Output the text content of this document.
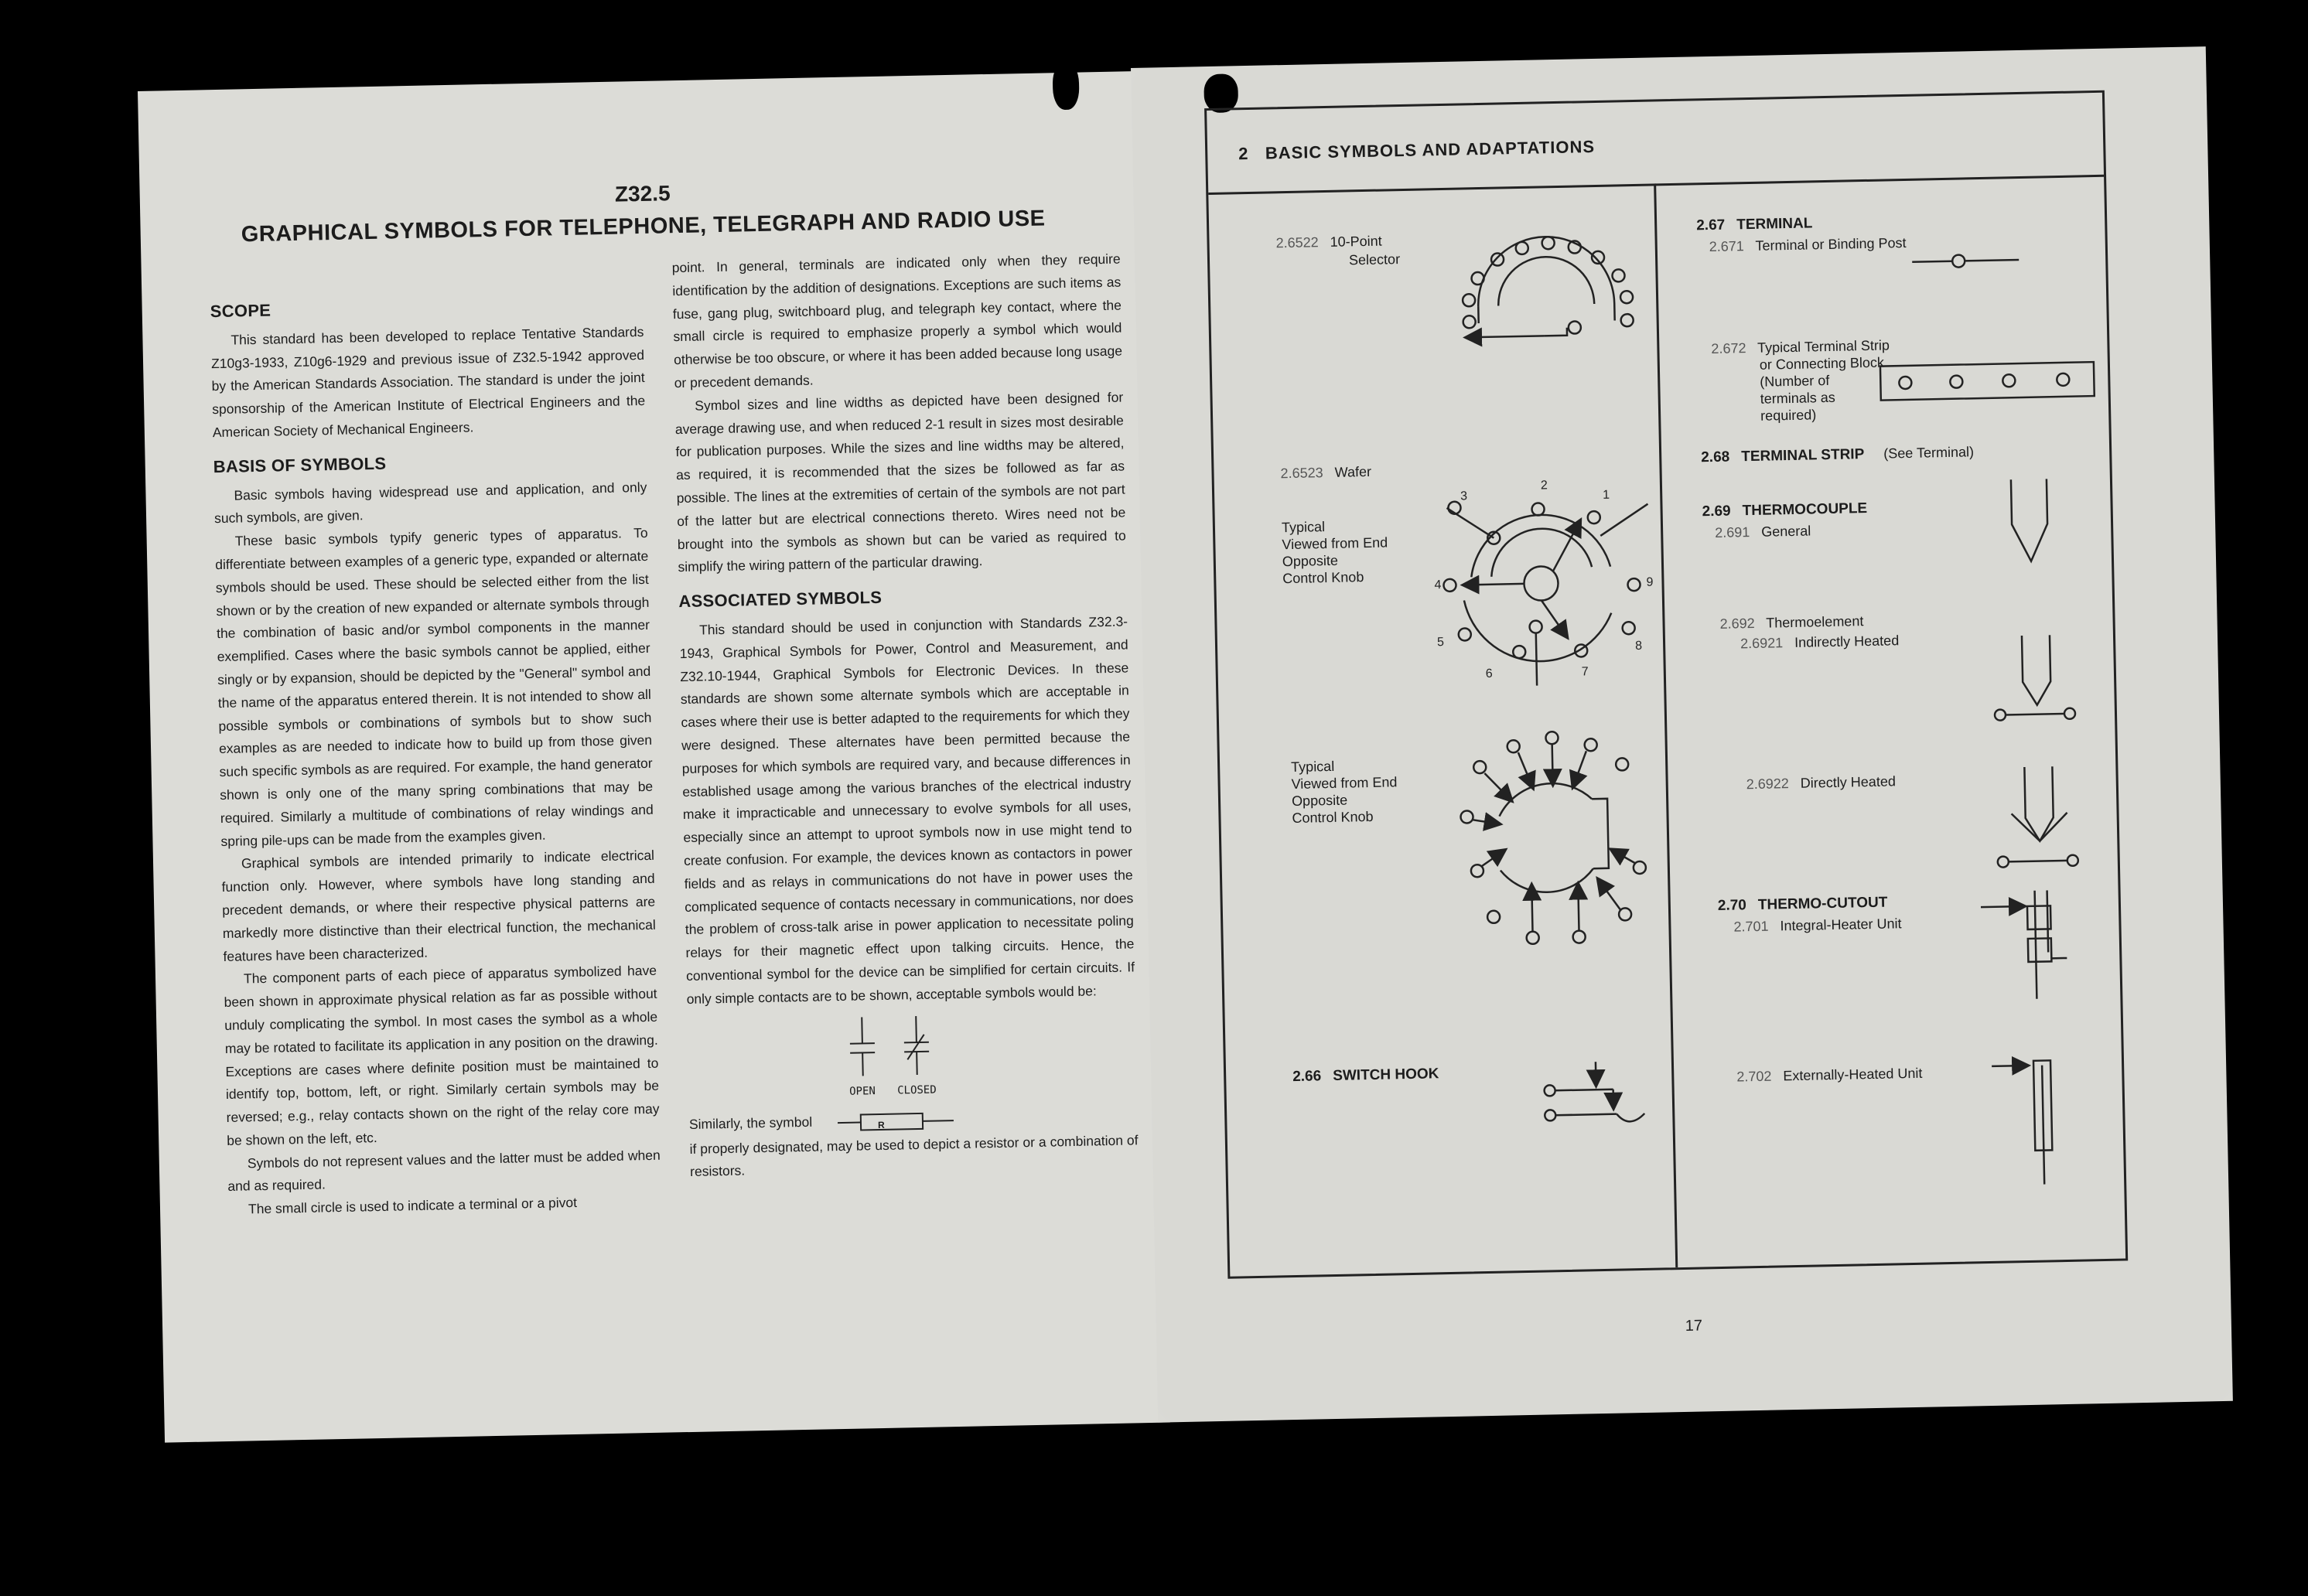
Z32.5
GRAPHICAL SYMBOLS FOR TELEPHONE, TELEGRAPH AND RADIO USE
SCOPE

This standard has been developed to replace Tentative Standards Z10g3-1933, Z10g6-1929 and previous issue of Z32.5-1942 approved by the American Standards Association. The standard is under the joint sponsorship of the American Institute of Electrical Engineers and the American Society of Mechanical Engineers.

BASIS OF SYMBOLS

Basic symbols having widespread use and application, and only such symbols, are given.

These basic symbols typify generic types of apparatus. To differentiate between examples of a generic type, expanded or alternate symbols should be used. These should be selected either from the list shown or by the creation of new expanded or alternate symbols through the combination of basic and/or symbol components in the manner exemplified. Cases where the basic symbols cannot be applied, either singly or by expansion, should be depicted by the "General" symbol and the name of the apparatus entered therein. It is not intended to show all possible symbols or combinations of symbols but to show such examples as are needed to indicate how to build up from those given such specific symbols as are required. For example, the hand generator shown is only one of the many spring combinations that may be required. Similarly a multitude of combinations of relay windings and spring pile-ups can be made from the examples given.

Graphical symbols are intended primarily to indicate electrical function only. However, where symbols have long standing and precedent demands, or where their respective physical patterns are markedly more distinctive than their electrical function, the mechanical features have been characterized.

The component parts of each piece of apparatus symbolized have been shown in approximate physical relation as far as possible without unduly complicating the symbol. In most cases the symbol as a whole may be rotated to facilitate its application in any position on the drawing. Exceptions are cases where definite position must be maintained to identify top, bottom, left, or right. Similarly certain symbols may be reversed; e.g., relay contacts shown on the right of the relay core may be shown on the left, etc.

Symbols do not represent values and the latter must be added when and as required.

The small circle is used to indicate a terminal or a pivot

point. In general, terminals are indicated only when they require identification by the addition of designations. Exceptions are such items as fuse, gang plug, switchboard plug, and telegraph key contact, where the small circle is required to emphasize properly a symbol which would otherwise be too obscure, or where it has been added because long usage or precedent demands.

Symbol sizes and line widths as depicted have been designed for average drawing use, and when reduced 2-1 result in sizes most desirable for publication purposes. While the sizes and line widths may be altered, as required, it is recommended that the sizes be followed as far as possible. The lines at the extremities of certain of the symbols are not part of the latter but are electrical connections thereto. Wires need not be brought into the symbols as shown but can be varied as required to simplify the wiring pattern of the particular drawing.

ASSOCIATED SYMBOLS

This standard should be used in conjunction with Standards Z32.3-1943, Graphical Symbols for Power, Control and Measurement, and Z32.10-1944, Graphical Symbols for Electronic Devices. In these standards are shown some alternate symbols which are acceptable in cases where their use is better adapted to the requirements for which they were designed. These alternates have been permitted because the purposes for which symbols are required vary, and because differences in established usage among the various branches of the electrical industry make it impracticable and unnecessary to evolve symbols for all uses, especially since an attempt to uproot symbols now in use might tend to create confusion. For example, the devices known as contactors in power fields and as relays in communications do not have in power uses the complicated sequence of contacts necessary in communications, nor does the problem of cross-talk arise in power application to necessitate poling relays for their magnetic effect upon talking circuits. Hence, the conventional symbol for the device can be simplified for certain circuits. If only simple contacts are to be shown, acceptable symbols would be:

OPEN CLOSED
Similarly, the symbol	R

if properly designated, may be used to depict a resistor or a combination of resistors.

2 BASIC SYMBOLS AND ADAPTATIONS
2.6522 10-Point
Selector
2.6523 Wafer
Typical
Viewed from End
Opposite
Control Knob
Typical
Viewed from End
Opposite
Control Knob
2.66 SWITCH HOOK
2.67 TERMINAL
2.671 Terminal or Binding Post
2.672 Typical Terminal Strip
or Connecting Block
(Number of
terminals as
required)
2.68 TERMINAL STRIP (See Terminal)
2.69 THERMOCOUPLE
2.691 General
2.692 Thermoelement
2.6921 Indirectly Heated
2.6922 Directly Heated
2.70 THERMO-CUTOUT
2.701 Integral-Heater Unit
2.702 Externally-Heated Unit
1
2
3
4
5
6	7
8
9
17
